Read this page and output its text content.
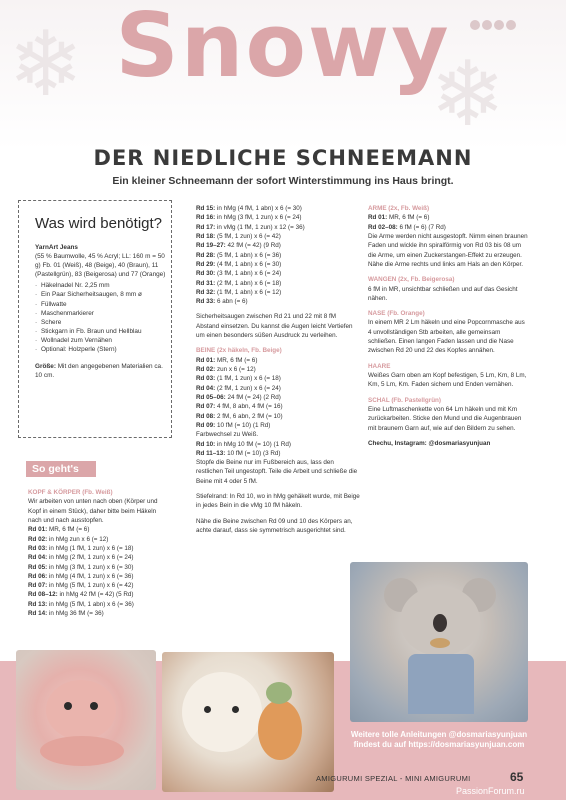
❄	❄
Snowy
DER NIEDLICHE SCHNEEMANN
Ein kleiner Schneemann der sofort Winterstimmung ins Haus bringt.
Was wird benötigt?
YarnArt Jeans
(55 % Baumwolle, 45 % Acryl; LL: 160 m = 50 g) Fb. 01 (Weiß), 48 (Beige), 40 (Braun), 11 (Pastellgrün), 83 (Beigerosa) und 77 (Orange)
· Häkelnadel Nr. 2,25 mm
· Ein Paar Sicherheitsaugen, 8 mm ø
· Füllwatte
· Maschenmarkierer
· Schere
· Stickgarn in Fb. Braun und Hellblau
· Wollnadel zum Vernähen
· Optional: Holzperle (Stern)
Größe: Mit den angegebenen Materialien ca. 10 cm.
So geht's

KOPF & KÖRPER (Fb. Weiß)

Wir arbeiten von unten nach oben (Körper und Kopf in einem Stück), daher bitte beim Häkeln nach und nach ausstopfen.

Rd 01: MR, 6 fM (= 6)

Rd 02: in hMg zun x 6 (= 12)

Rd 03: in hMg (1 fM, 1 zun) x 6 (= 18)

Rd 04: in hMg (2 fM, 1 zun) x 6 (= 24)

Rd 05: in hMg (3 fM, 1 zun) x 6 (= 30)

Rd 06: in hMg (4 fM, 1 zun) x 6 (= 36)

Rd 07: in hMg (5 fM, 1 zun) x 6 (= 42)

Rd 08–12: in hMg 42 fM (= 42) (5 Rd)

Rd 13: in hMg (5 fM, 1 abn) x 6 (= 36)

Rd 14: in hMg 36 fM (= 36)

Rd 15: in hMg (4 fM, 1 abn) x 6 (= 30)

Rd 16: in hMg (3 fM, 1 zun) x 6 (= 24)

Rd 17: in vMg (1 fM, 1 zun) x 12 (= 36)

Rd 18: (5 fM, 1 zun) x 6 (= 42)

Rd 19–27: 42 fM (= 42) (9 Rd)

Rd 28: (5 fM, 1 abn) x 6 (= 36)

Rd 29: (4 fM, 1 abn) x 6 (= 30)

Rd 30: (3 fM, 1 abn) x 6 (= 24)

Rd 31: (2 fM, 1 abn) x 6 (= 18)

Rd 32: (1 fM, 1 abn) x 6 (= 12)

Rd 33: 6 abn (= 6)

Sicherheitsaugen zwischen Rd 21 und 22 mit 8 fM Abstand einsetzen. Du kannst die Augen leicht Vertiefen um einen besonders süßen Ausdruck zu verleihen.

BEINE (2x häkeln, Fb. Beige)

Rd 01: MR, 6 fM (= 6)

Rd 02: zun x 6 (= 12)

Rd 03: (1 fM, 1 zun) x 6 (= 18)

Rd 04: (2 fM, 1 zun) x 6 (= 24)

Rd 05–06: 24 fM (= 24) (2 Rd)

Rd 07: 4 fM, 8 abn, 4 fM (= 16)

Rd 08: 2 fM, 6 abn, 2 fM (= 10)

Rd 09: 10 fM (= 10) (1 Rd)

Farbwechsel zu Weiß.

Rd 10: in hMg 10 fM (= 10) (1 Rd)

Rd 11–13: 10 fM (= 10) (3 Rd)

Stopfe die Beine nur im Fußbereich aus, lass den restlichen Teil ungestopft. Teile die Arbeit und schließe die Beine mit 4 oder 5 fM.

Stiefelrand: In Rd 10, wo in hMg gehäkelt wurde, mit Beige in jedes Bein in die vMg 10 fM häkeln.

Nähe die Beine zwischen Rd 09 und 10 des Körpers an, achte darauf, dass sie symmetrisch ausgerichtet sind.

ARME (2x, Fb. Weiß)

Rd 01: MR, 6 fM (= 6)

Rd 02–08: 6 fM (= 6) (7 Rd)

Die Arme werden nicht ausgestopft. Nimm einen braunen Faden und wickle ihn spiralförmig von Rd 03 bis 08 um die Arme, um einen Zuckerstangen-Effekt zu erzeugen. Nähe die Arme rechts und links am Hals an den Körper.

WANGEN (2x, Fb. Beigerosa)

6 fM in MR, unsichtbar schließen und auf das Gesicht nähen.

NASE (Fb. Orange)

In einem MR 2 Lm häkeln und eine Popcornmasche aus 4 unvollständigen Stb arbeiten, alle gemeinsam schließen. Einen langen Faden lassen und die Nase zwischen Rd 20 und 22 des Kopfes annähen.

HAARE

Weißes Garn oben am Kopf befestigen, 5 Lm, Km, 8 Lm, Km, 5 Lm, Km. Faden sichern und Enden vernähen.

SCHAL (Fb. Pastellgrün)

Eine Luftmaschenkette von 64 Lm häkeln und mit Km zurückarbeiten. Sticke den Mund und die Augenbrauen mit braunem Garn auf, wie auf den Bildern zu sehen.

Chechu, Instagram: @dosmariasyunjuan

Weitere tolle Anleitungen @dosmariasyunjuan findest du auf https://dosmariasyunjuan.com
AMIGURUMI SPEZIAL - MINI AMIGURUMI	65
PassionForum.ru
